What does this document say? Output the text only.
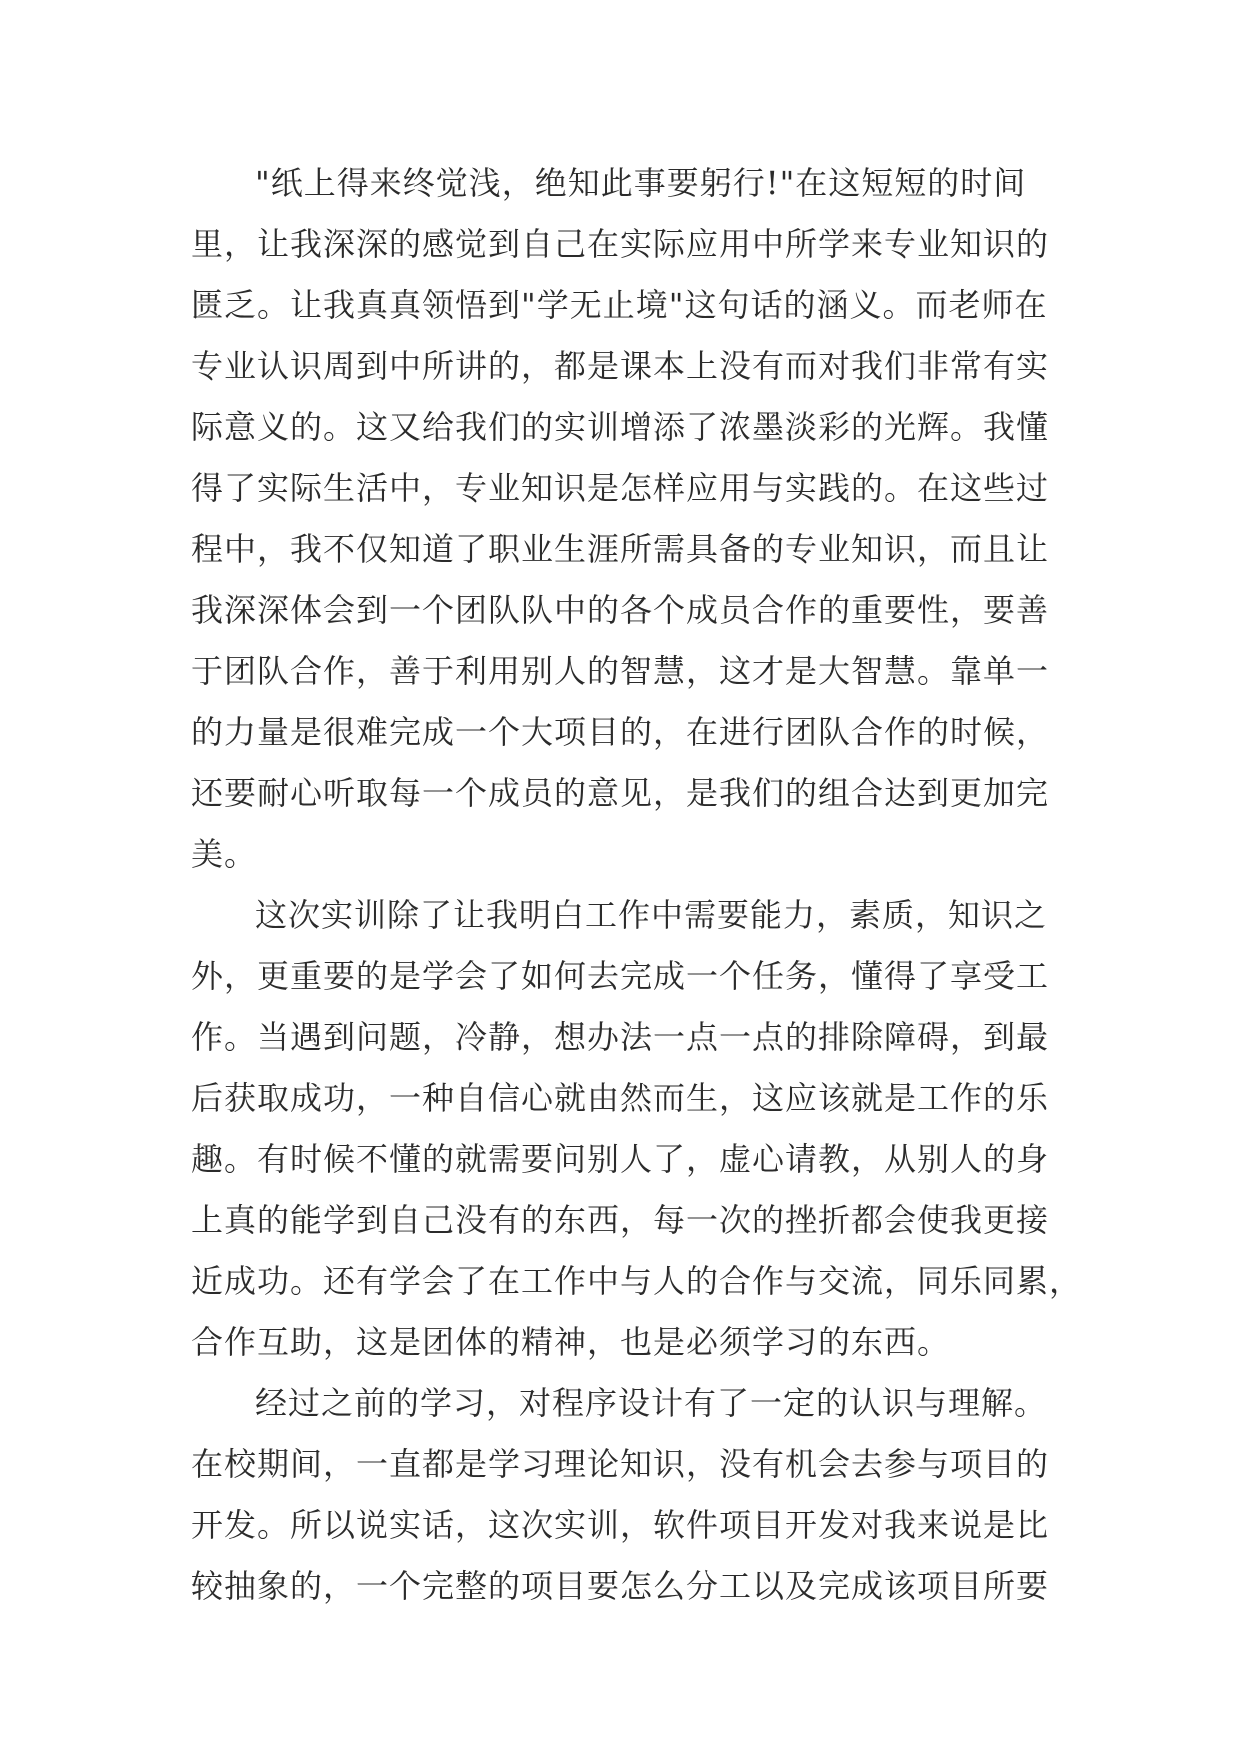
"纸上得来终觉浅，绝知此事要躬行!"在这短短的时间
里，让我深深的感觉到自己在实际应用中所学来专业知识的
匮乏。让我真真领悟到"学无止境"这句话的涵义。而老师在
专业认识周到中所讲的，都是课本上没有而对我们非常有实
际意义的。这又给我们的实训增添了浓墨淡彩的光辉。我懂
得了实际生活中，专业知识是怎样应用与实践的。在这些过
程中，我不仅知道了职业生涯所需具备的专业知识，而且让
我深深体会到一个团队队中的各个成员合作的重要性，要善
于团队合作，善于利用别人的智慧，这才是大智慧。靠单一
的力量是很难完成一个大项目的，在进行团队合作的时候，
还要耐心听取每一个成员的意见，是我们的组合达到更加完
美。
这次实训除了让我明白工作中需要能力，素质，知识之
外，更重要的是学会了如何去完成一个任务，懂得了享受工
作。当遇到问题，冷静，想办法一点一点的排除障碍，到最
后获取成功，一种自信心就由然而生，这应该就是工作的乐
趣。有时候不懂的就需要问别人了，虚心请教，从别人的身
上真的能学到自己没有的东西，每一次的挫折都会使我更接
近成功。还有学会了在工作中与人的合作与交流，同乐同累，
合作互助，这是团体的精神，也是必须学习的东西。
经过之前的学习，对程序设计有了一定的认识与理解。
在校期间，一直都是学习理论知识，没有机会去参与项目的
开发。所以说实话，这次实训，软件项目开发对我来说是比
较抽象的，一个完整的项目要怎么分工以及完成该项目所要
